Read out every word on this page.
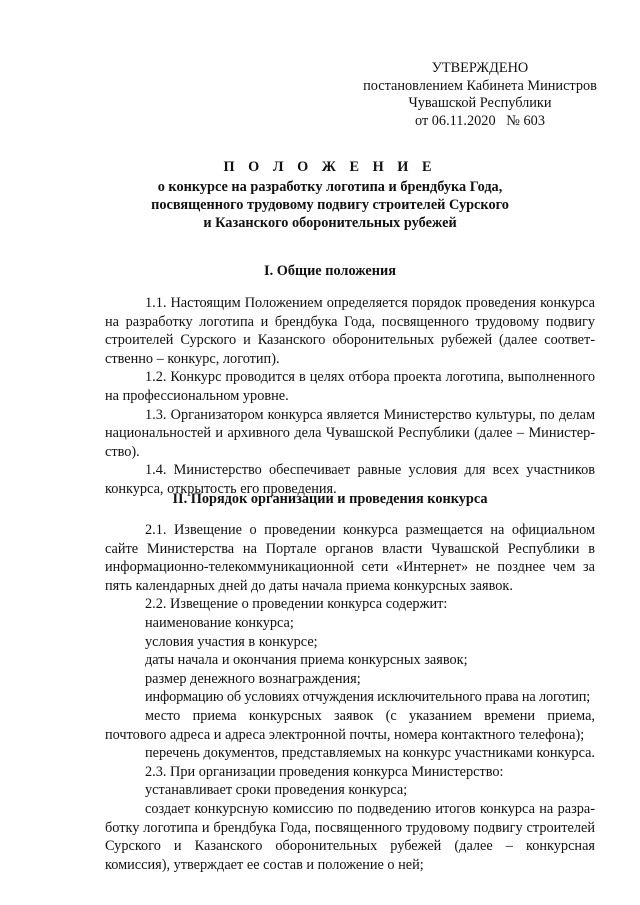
УТВЕРЖДЕНО
постановлением Кабинета Министров
Чувашской Республики
от 06.11.2020   № 603
П О Л О Ж Е Н И Е
о конкурсе на разработку логотипа и брендбука Года,
посвященного трудовому подвигу строителей Сурского
и Казанского оборонительных рубежей
I. Общие положения

1.1. Настоящим Положением определяется порядок проведения конкурса на разработку логотипа и брендбука Года, посвященного трудовому подвигу строителей Сурского и Казанского оборонительных рубежей (далее соответственно – конкурс, логотип).

1.2. Конкурс проводится в целях отбора проекта логотипа, выполненного на профессиональном уровне.

1.3. Организатором конкурса является Министерство культуры, по делам национальностей и архивного дела Чувашской Республики (далее – Министерство).

1.4. Министерство обеспечивает равные условия для всех участников конкурса, открытость его проведения.

II. Порядок организации и проведения конкурса

2.1. Извещение о проведении конкурса размещается на официальном сайте Министерства на Портале органов власти Чувашской Республики в информационно-телекоммуникационной сети «Интернет» не позднее чем за пять календарных дней до даты начала приема конкурсных заявок.

2.2. Извещение о проведении конкурса содержит:

наименование конкурса;

условия участия в конкурсе;

даты начала и окончания приема конкурсных заявок;

размер денежного вознаграждения;

информацию об условиях отчуждения исключительного права на логотип;

место приема конкурсных заявок (с указанием времени приема, почтового адреса и адреса электронной почты, номера контактного телефона);

перечень документов, представляемых на конкурс участниками конкурса.

2.3. При организации проведения конкурса Министерство:

устанавливает сроки проведения конкурса;

создает конкурсную комиссию по подведению итогов конкурса на разработку логотипа и брендбука Года, посвященного трудовому подвигу строителей Сурского и Казанского оборонительных рубежей (далее – конкурсная комиссия), утверждает ее состав и положение о ней;
